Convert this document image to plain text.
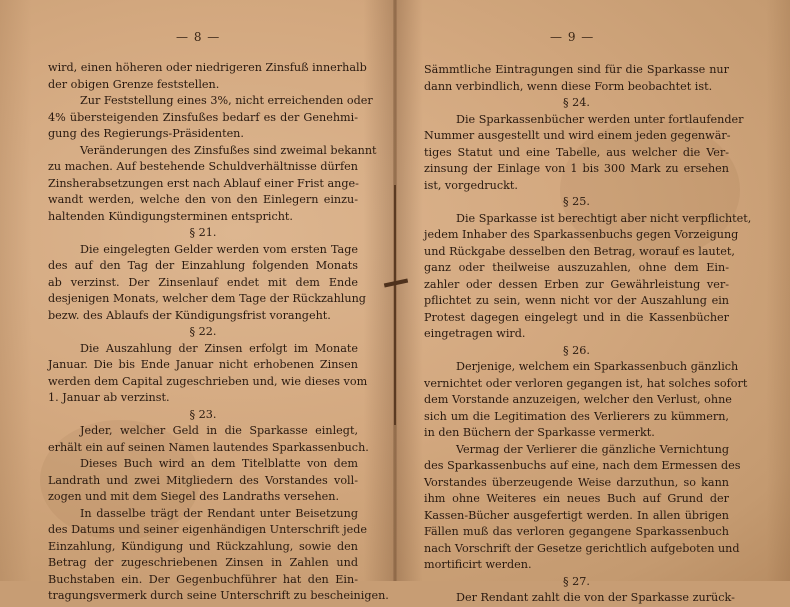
— 8 —
wird, einen höheren oder niedrigeren Zinsfuß innerhalb
der obigen Grenze feststellen.
Zur Feststellung eines 3%, nicht erreichenden oder
4% übersteigenden Zinsfußes bedarf es der Genehmi-
gung des Regierungs-Präsidenten.
Veränderungen des Zinsfußes sind zweimal bekannt
zu machen. Auf bestehende Schuldverhältnisse dürfen
Zinsherabsetzungen erst nach Ablauf einer Frist ange-
wandt werden, welche den von den Einlegern einzu-
haltenden Kündigungsterminen entspricht.
§ 21.
Die eingelegten Gelder werden vom ersten Tage
des auf den Tag der Einzahlung folgenden Monats
ab verzinst. Der Zinsenlauf endet mit dem Ende
desjenigen Monats, welcher dem Tage der Rückzahlung
bezw. des Ablaufs der Kündigungsfrist vorangeht.
§ 22.
Die Auszahlung der Zinsen erfolgt im Monate
Januar. Die bis Ende Januar nicht erhobenen Zinsen
werden dem Capital zugeschrieben und, wie dieses vom
1. Januar ab verzinst.
§ 23.
Jeder, welcher Geld in die Sparkasse einlegt,
erhält ein auf seinen Namen lautendes Sparkassenbuch.
Dieses Buch wird an dem Titelblatte von dem
Landrath und zwei Mitgliedern des Vorstandes voll-
zogen und mit dem Siegel des Landraths versehen.
In dasselbe trägt der Rendant unter Beisetzung
des Datums und seiner eigenhändigen Unterschrift jede
Einzahlung, Kündigung und Rückzahlung, sowie den
Betrag der zugeschriebenen Zinsen in Zahlen und
Buchstaben ein. Der Gegenbuchführer hat den Ein-
tragungsvermerk durch seine Unterschrift zu bescheinigen.
— 9 —
Sämmtliche Eintragungen sind für die Sparkasse nur
dann verbindlich, wenn diese Form beobachtet ist.
§ 24.
Die Sparkassenbücher werden unter fortlaufender
Nummer ausgestellt und wird einem jeden gegenwär-
tiges Statut und eine Tabelle, aus welcher die Ver-
zinsung der Einlage von 1 bis 300 Mark zu ersehen
ist, vorgedruckt.
§ 25.
Die Sparkasse ist berechtigt aber nicht verpflichtet,
jedem Inhaber des Sparkassenbuchs gegen Vorzeigung
und Rückgabe desselben den Betrag, worauf es lautet,
ganz oder theilweise auszuzahlen, ohne dem Ein-
zahler oder dessen Erben zur Gewährleistung ver-
pflichtet zu sein, wenn nicht vor der Auszahlung ein
Protest dagegen eingelegt und in die Kassenbücher
eingetragen wird.
§ 26.
Derjenige, welchem ein Sparkassenbuch gänzlich
vernichtet oder verloren gegangen ist, hat solches sofort
dem Vorstande anzuzeigen, welcher den Verlust, ohne
sich um die Legitimation des Verlierers zu kümmern,
in den Büchern der Sparkasse vermerkt.
Vermag der Verlierer die gänzliche Vernichtung
des Sparkassenbuchs auf eine, nach dem Ermessen des
Vorstandes überzeugende Weise darzuthun, so kann
ihm ohne Weiteres ein neues Buch auf Grund der
Kassen-Bücher ausgefertigt werden. In allen übrigen
Fällen muß das verloren gegangene Sparkassenbuch
nach Vorschrift der Gesetze gerichtlich aufgeboten und
mortificirt werden.
§ 27.
Der Rendant zahlt die von der Sparkasse zurück-
